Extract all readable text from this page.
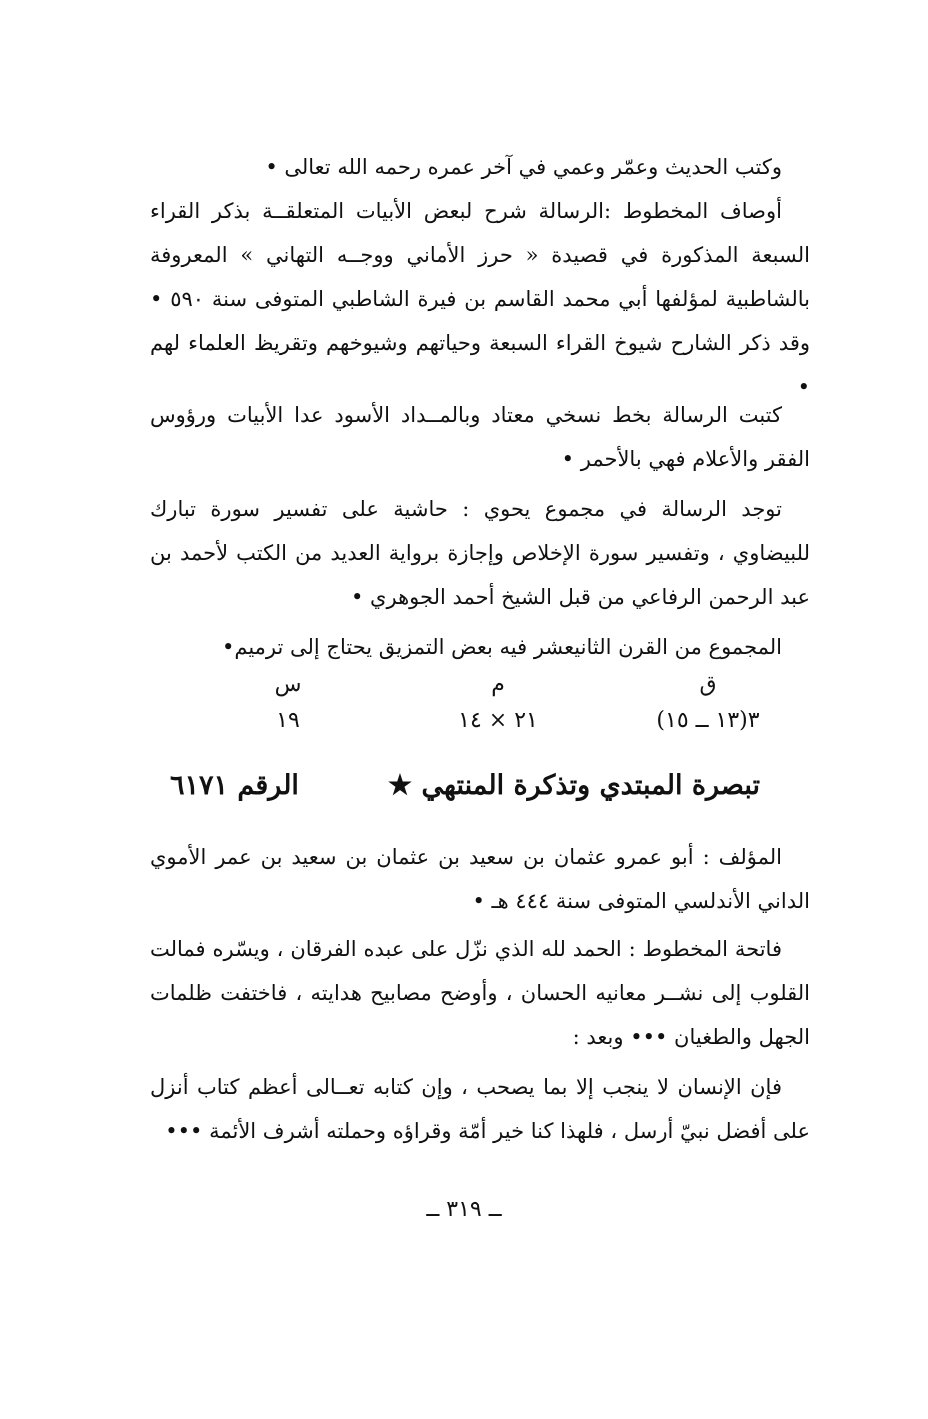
وكتب الحديث وعمّر وعمي في آخر عمره رحمه الله تعالى •

أوصاف المخطوط :الرسالة شرح لبعض الأبيات المتعلقــة بذكر القراء السبعة المذكورة في قصيدة « حرز الأماني ووجــه التهاني » المعروفة بالشاطبية لمؤلفها أبي محمد القاسم بن فيرة الشاطبي المتوفى سنة ٥٩٠ • وقد ذكر الشارح شيوخ القراء السبعة وحياتهم وشيوخهم وتقريظ العلماء لهم •

كتبت الرسالة بخط نسخي معتاد وبالمــداد الأسود عدا الأبيات ورؤوس الفقر والأعلام فهي بالأحمر •

توجد الرسالة في مجموع يحوي : حاشية على تفسير سورة تبارك للبيضاوي ، وتفسير سورة الإخلاص وإجازة برواية العديد من الكتب لأحمد بن عبد الرحمن الرفاعي من قبل الشيخ أحمد الجوهري •

المجموع من القرن الثانيعشر فيه بعض التمزيق يحتاج إلى ترميم•

ق
م
س
٣(١٣ ــ ١٥)
٢١ × ١٤
١٩
تبصرة المبتدي وتذكرة المنتهي ★
الرقم ٦١٧١

المؤلف : أبو عمرو عثمان بن سعيد بن عثمان بن سعيد بن عمر الأموي الداني الأندلسي المتوفى سنة ٤٤٤ هـ •

فاتحة المخطوط : الحمد لله الذي نزّل على عبده الفرقان ، ويسّره فمالت القلوب إلى نشــر معانيه الحسان ، وأوضح مصابيح هدايته ، فاختفت ظلمات الجهل والطغيان ••• وبعد :

فإن الإنسان لا ينجب إلا بما يصحب ، وإن كتابه تعــالى أعظم كتاب أنزل على أفضل نبيّ أرسل ، فلهذا كنا خير أمّة وقراؤه وحملته أشرف الأئمة •••

ــ ٣١٩ ــ
